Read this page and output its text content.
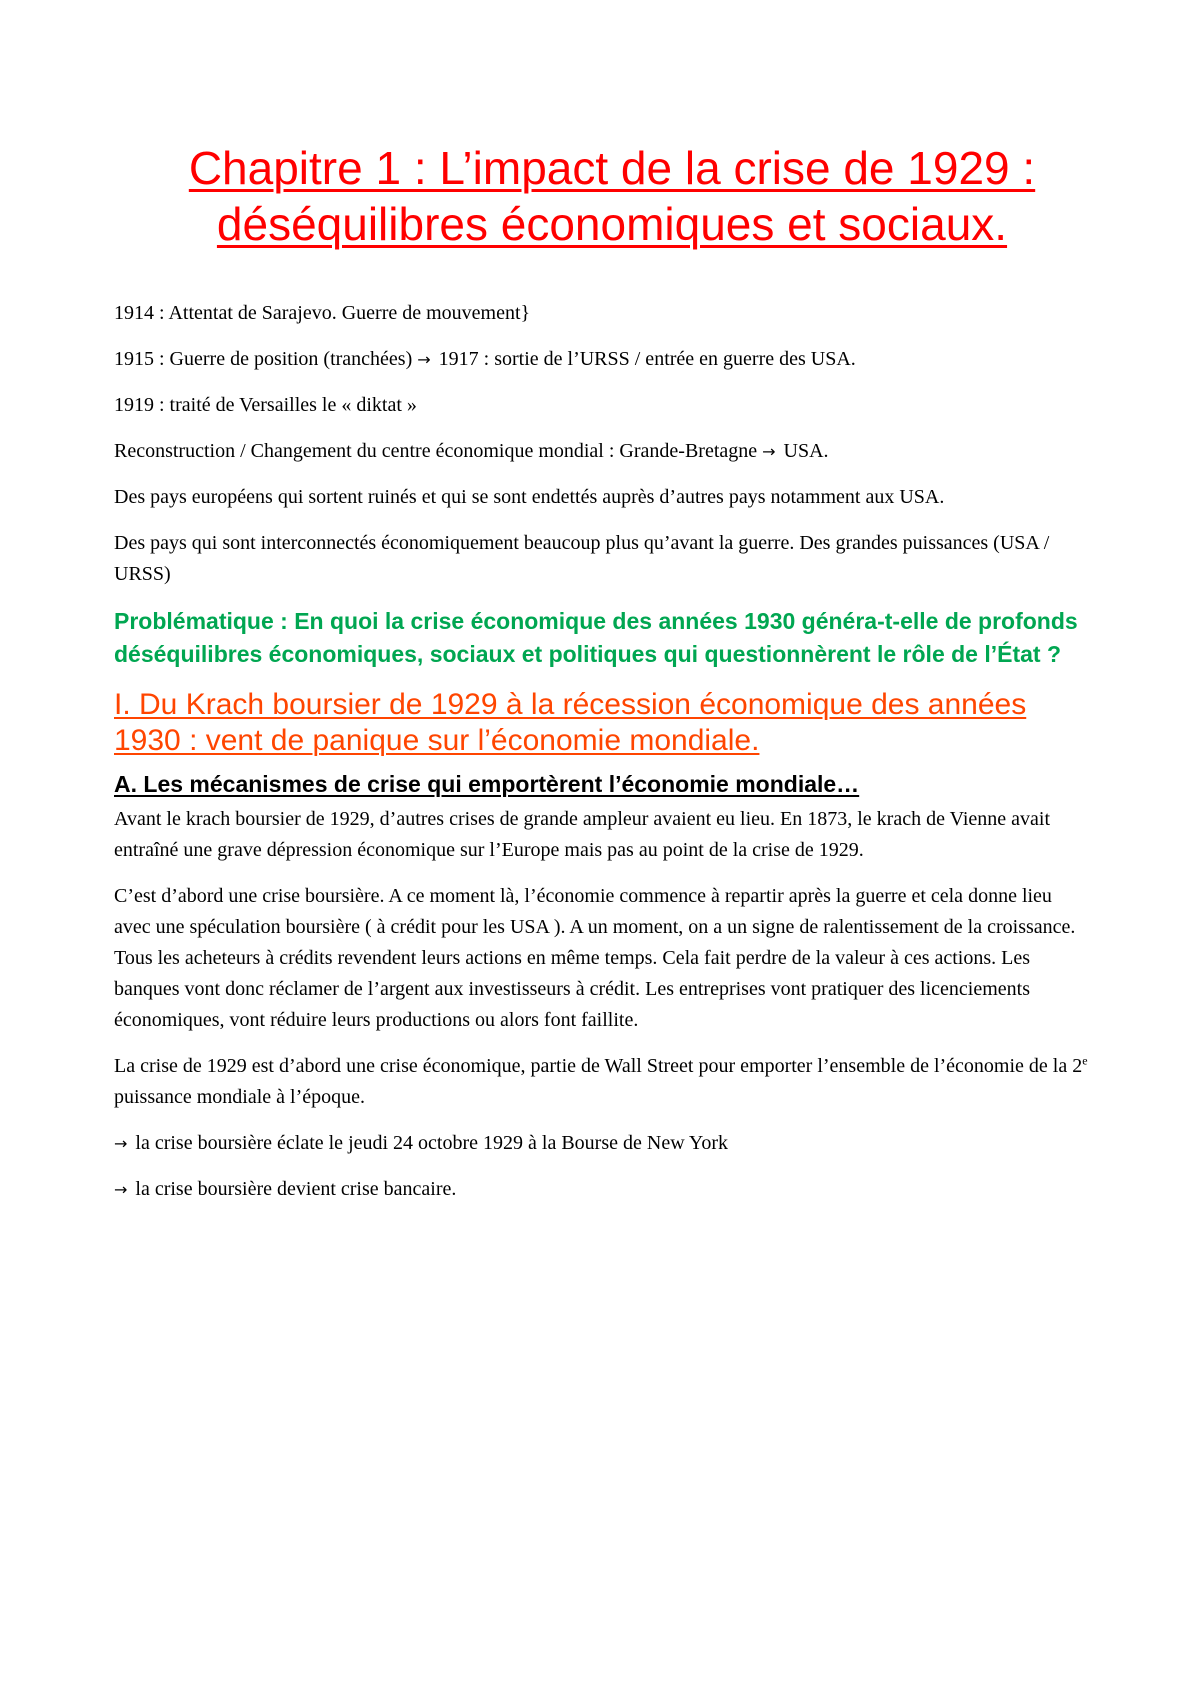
Chapitre 1 : L’impact de la crise de 1929 : déséquilibres économiques et sociaux.

1914 : Attentat de Sarajevo. Guerre de mouvement}

1915 : Guerre de position (tranchées) → 1917 : sortie de l’URSS / entrée en guerre des USA.

1919 : traité de Versailles le « diktat »

Reconstruction / Changement du centre économique mondial : Grande-Bretagne → USA.

Des pays européens qui sortent ruinés et qui se sont endettés auprès d’autres pays notamment aux USA.

Des pays qui sont interconnectés économiquement beaucoup plus qu’avant la guerre. Des grandes puissances (USA / URSS)

Problématique : En quoi la crise économique des années 1930 généra-t-elle de profonds déséquilibres économiques, sociaux et politiques qui questionnèrent le rôle de l’État ?

I. Du Krach boursier de 1929 à la récession économique des années 1930 : vent de panique sur l’économie mondiale.
A. Les mécanismes de crise qui emportèrent l’économie mondiale…

Avant le krach boursier de 1929, d’autres crises de grande ampleur avaient eu lieu. En 1873, le krach de Vienne avait entraîné une grave dépression économique sur l’Europe mais pas au point de la crise de 1929.

C’est d’abord une crise boursière. A ce moment là, l’économie commence à repartir après la guerre et cela donne lieu avec une spéculation boursière ( à crédit pour les USA ). A un moment, on a un signe de ralentissement de la croissance. Tous les acheteurs à crédits revendent leurs actions en même temps. Cela fait perdre de la valeur à ces actions. Les banques vont donc réclamer de l’argent aux investisseurs à crédit. Les entreprises vont pratiquer des licenciements économiques, vont réduire leurs productions ou alors font faillite.

La crise de 1929 est d’abord une crise économique, partie de Wall Street pour emporter l’ensemble de l’économie de la 2e puissance mondiale à l’époque.

→ la crise boursière éclate le jeudi 24 octobre 1929 à la Bourse de New York

→ la crise boursière devient crise bancaire.
